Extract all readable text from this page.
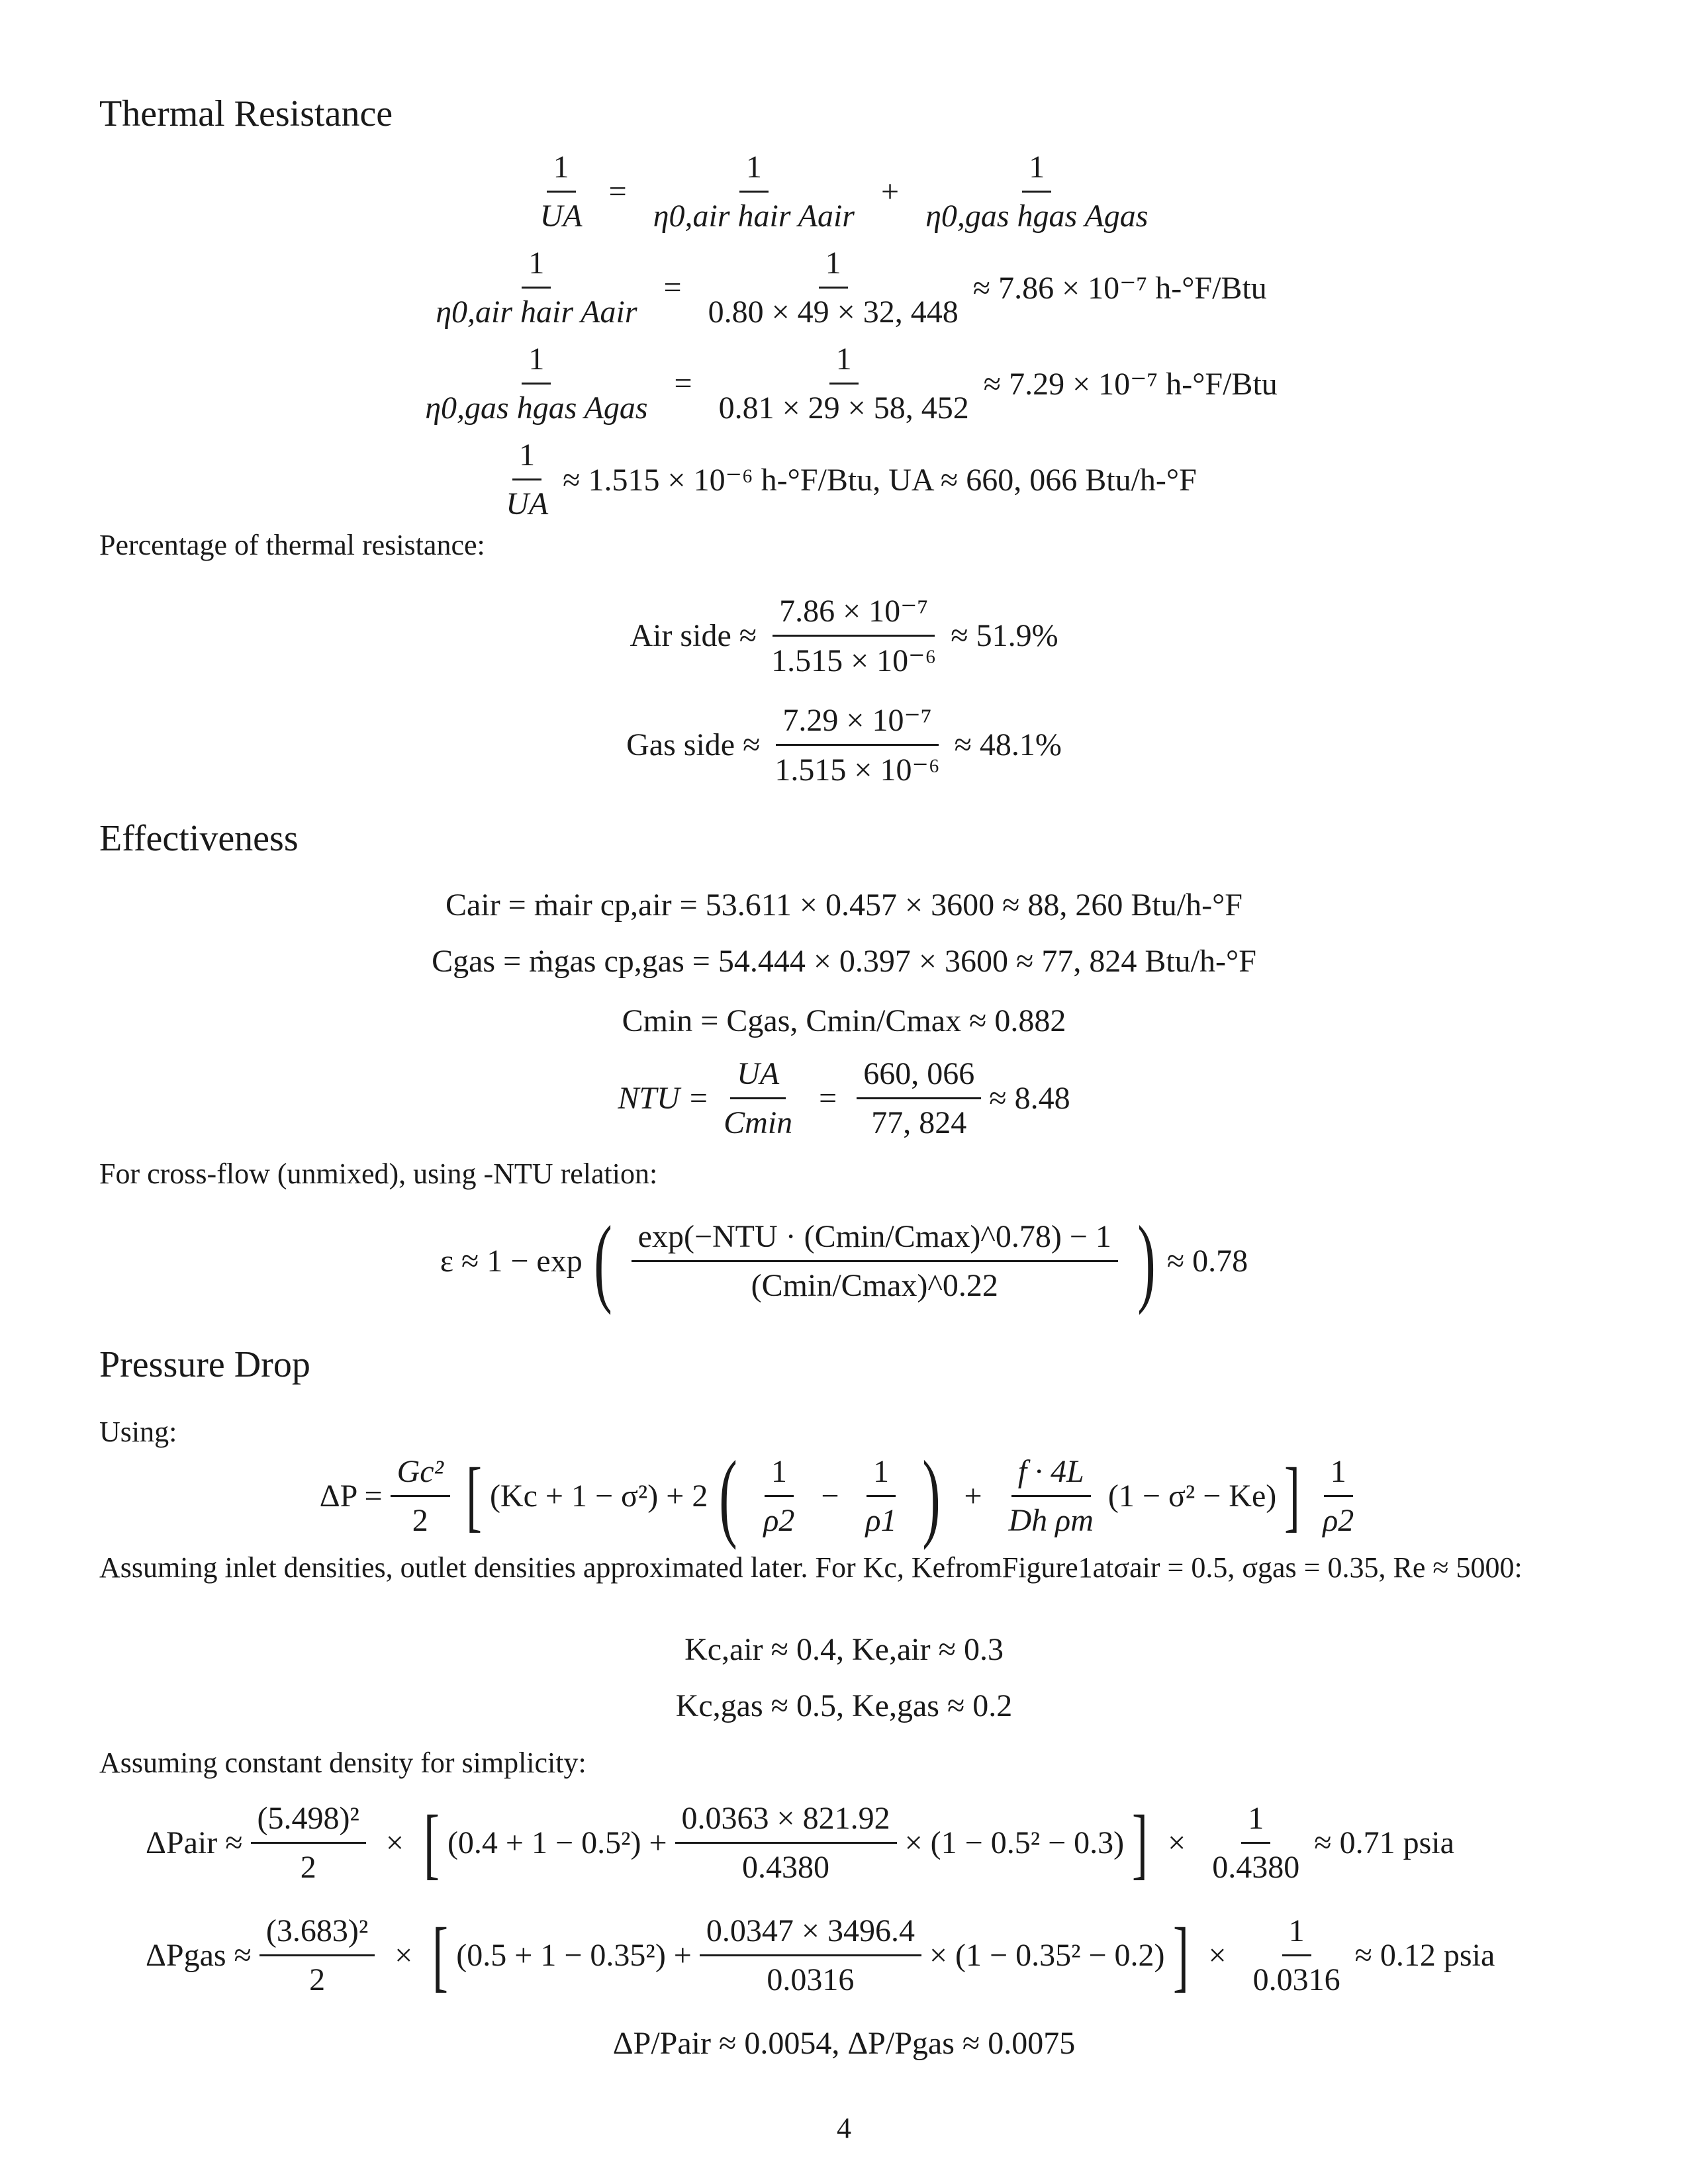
Thermal Resistance
$\frac{1}{UA} = \frac{1}{\text{η0,air hair Aair}} + \frac{1}{\text{η0,gas hgas Agas}}$
$\frac{1}{\text{η0,air hair Aair}} = \frac{1}{0.80 \times 49 \times 32, 448} \approx 7.86 \times 10^{-7}$ h-°F/Btu
$\frac{1}{\text{η0,gas hgas Agas}} = \frac{1}{0.81 \times 29 \times 58, 452} \approx 7.29 \times 10^{-7}$ h-°F/Btu
$\frac{1}{UA} \approx 1.515 \times 10^{-6}$ h-°F/Btu, UA ≈ 660, 066 Btu/h-°F

Percentage of thermal resistance:

Air side ≈ $\frac{\text{7.86 × 10⁻⁷}}{\text{1.515 × 10⁻⁶}} \approx 51.9\%$
Gas side ≈ $\frac{\text{7.29 × 10⁻⁷}}{\text{1.515 × 10⁻⁶}} \approx 48.1\%$
Effectiveness
Cair = ṁair cp,air = 53.611 × 0.457 × 3600 ≈ 88, 260 Btu/h-°F
Cgas = ṁgas cp,gas = 54.444 × 0.397 × 3600 ≈ 77, 824 Btu/h-°F
Cmin = Cgas, Cmin/Cmax ≈ 0.882
NTU = $\frac{UA}{Cmin} = \frac{660, 066}{77, 824} \approx 8.48$

For cross-flow (unmixed), using -NTU relation:

ε ≈ 1 − exp ( $\frac{\text{exp(−NTU · (Cmin/Cmax)\textasciicircum{}0.78) − 1}}{(Cmin/Cmax)\^{}0.22}$ ) ≈ 0.78
Pressure Drop

Using:

$\Delta P = \frac{\text{Gc²}}{2}$ [ (Kc + 1 − σ²) + 2 ( $\frac{1}{\rho 2} - \frac{1}{\rho 1}$ ) + $\frac{f \cdot 4L}{\text{Dh ρm}} (1 - \sigma^2 - Ke)$ ] $\frac{1}{\rho 2}$

Assuming inlet densities, outlet densities approximated later. For Kc, KefromFigure1atσair = 0.5, σgas = 0.35, Re ≈ 5000:

Kc,air ≈ 0.4, Ke,air ≈ 0.3
Kc,gas ≈ 0.5, Ke,gas ≈ 0.2

Assuming constant density for simplicity:

ΔPair ≈ $\frac{\text{(5.498)²}}{2}$ × [ $(0.4 + 1 - 0.5^2) + \frac{0.0363 \times 821.92}{0.4380} \times (1 - 0.5^2 - 0.3)$ ] × $\frac{1}{0.4380} \approx 0.71$ psia
ΔPgas ≈ $\frac{\text{(3.683)²}}{2}$ × [ $(0.5 + 1 - 0.35^2) + \frac{0.0347 \times 3496.4}{0.0316} \times (1 - 0.35^2 - 0.2)$ ] × $\frac{1}{0.0316} \approx 0.12$ psia
ΔP/Pair ≈ 0.0054, ΔP/Pgas ≈ 0.0075
4
